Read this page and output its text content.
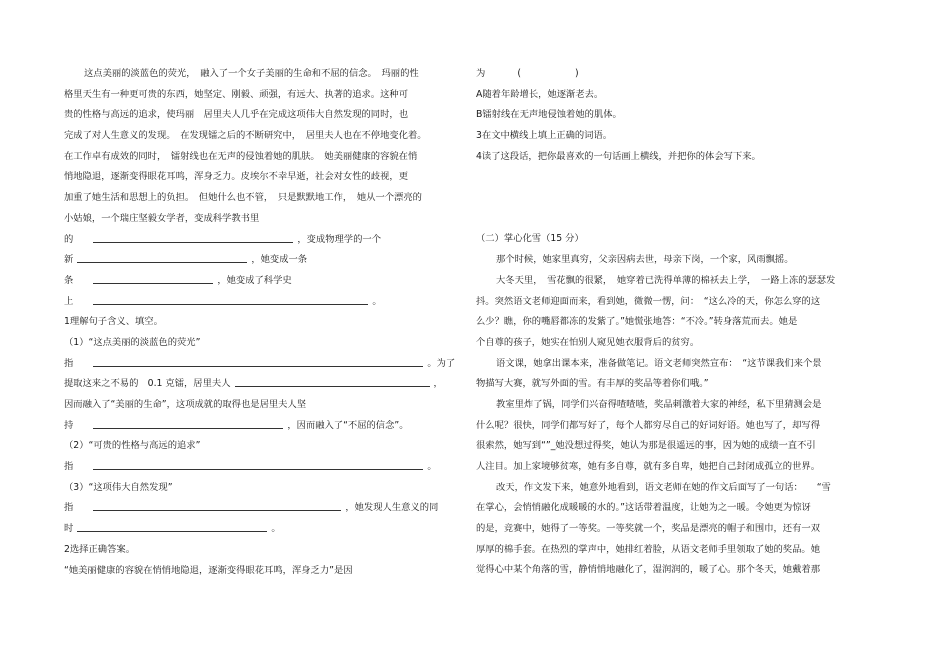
这点美丽的淡蓝色的荧光，　融入了一个女子美丽的生命和不屈的信念。　玛丽的性
格里天生有一种更可贵的东西，她坚定、刚毅、顽强，有远大、执著的追求。这种可
贵的性格与高远的追求，使玛丽　居里夫人几乎在完成这项伟大自然发现的同时，也
完成了对人生意义的发现。　在发现镭之后的不断研究中，　居里夫人也在不停地变化着。
在工作卓有成效的同时，　镭射线也在无声的侵蚀着她的肌肤。　她美丽健康的容貌在悄
悄地隐退，逐渐变得眼花耳鸣，浑身乏力。皮埃尔不幸早逝，社会对女性的歧视，更
加重了她生活和思想上的负担。　但她什么也不管，　只是默默地工作，　她从一个漂亮的
小姑娘，一个瑞庄坚毅女学者，变成科学教书里
的	，变成物理学的一个
新	，她变成一条
条	，她变成了科学史
上	。
1理解句子含义、填空。
（1）“这点美丽的淡蓝色的荧光”
指	。为了
提取这来之不易的　0.1 克镭，居里夫人	，
因而融入了“美丽的生命”，这项成就的取得也是居里夫人坚
持	，因而融入了“不屈的信念”。
（2）“可贵的性格与高远的追求”
指	。
（3）“这项伟大自然发现”
指	，她发现人生意义的同
时	。
2选择正确答案。
“她美丽健康的容貌在悄悄地隐退，逐渐变得眼花耳鸣，浑身乏力”是因
为	(	)
A随着年龄增长，她逐渐老去。
B镭射线在无声地侵蚀着她的肌体。
3在文中横线上填上正确的词语。
4读了这段话，把你最喜欢的一句话画上横线，并把你的体会写下来。
（二）掌心化雪（15 分）
那个时候，她家里真穷，父亲因病去世，母亲下岗，一个家，风雨飘摇。
大冬天里，　雪花飘的很紧，　她穿着已洗得单薄的棉袄去上学，　一路上冻的瑟瑟发
抖。突然语文老师迎面而来，看到她，微微一愣，问：　“这么冷的天，你怎么穿的这
么少？瞧，你的嘴唇都冻的发紫了。”她慌张地答：“不冷。”转身落荒而去。她是
个自尊的孩子，她实在怕别人窥见她衣服背后的贫穷。
语文课，她拿出课本来，准备做笔记。语文老师突然宣布：　“这节课我们来个景
物描写大赛，就写外面的雪。有丰厚的奖品等着你们哦。”
教室里炸了锅，同学们兴奋得喳喳喳，奖品刺激着大家的神经，私下里猜测会是
什么呢？很快，同学们都写好了，每个人都穷尽自己的好词好语。她也写了，却写得
很索然，她写到“”_她没想过得奖，她认为那是很遥远的事，因为她的成绩一直不引
人注目。加上家境够贫寒，她有多自尊，就有多自卑，她把自己封闭成孤立的世界。
改天，作文发下来，她意外地看到，语文老师在她的作文后面写了一句话：　　“雪
在掌心，会悄悄融化成暖暖的水的。”这话带着温度，让她为之一暖。令她更为惊讶
的是，竞赛中，她得了一等奖。一等奖就一个，奖品是漂亮的帽子和围巾，还有一双
厚厚的棉手套。在热烈的掌声中，她排红着脸，从语文老师手里领取了她的奖品。她
觉得心中某个角落的雪，静悄悄地融化了，湿润润的，暖了心。那个冬天，她戴着那
